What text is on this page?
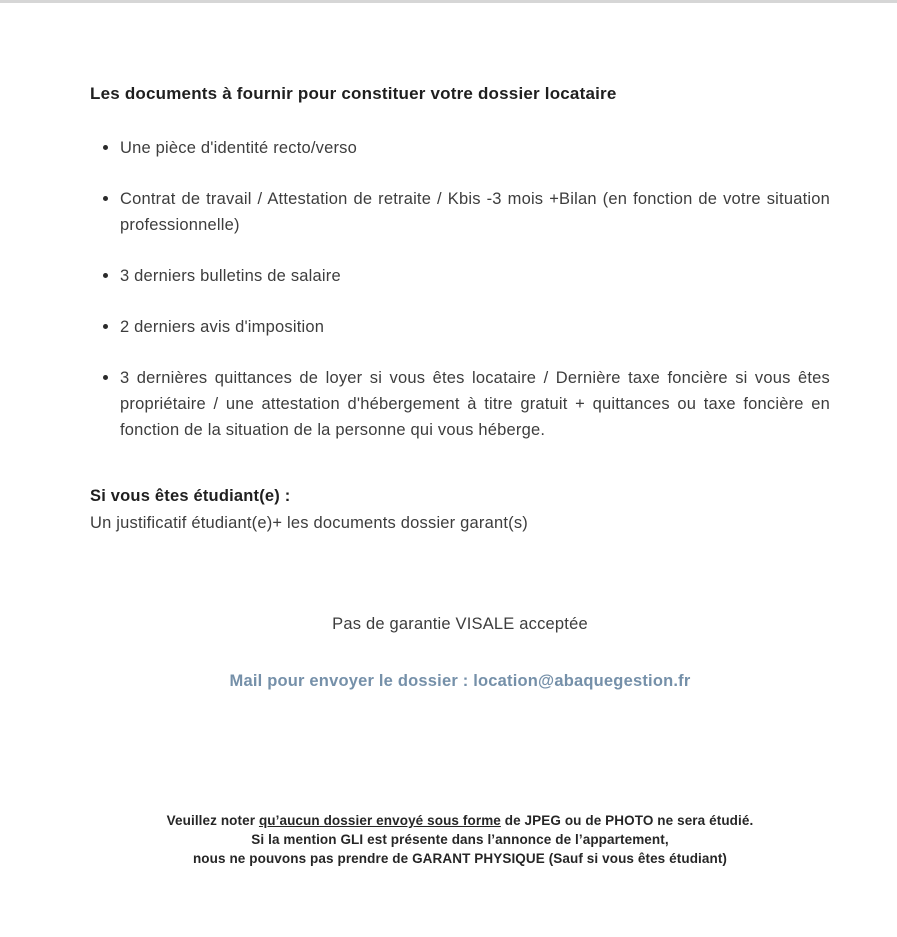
Les documents à fournir pour constituer votre dossier locataire
Une pièce d'identité recto/verso
Contrat de travail / Attestation de retraite / Kbis -3 mois +Bilan (en fonction de votre situation professionnelle)
3 derniers bulletins de salaire
2 derniers avis d'imposition
3 dernières quittances de loyer si vous êtes locataire / Dernière taxe foncière si vous êtes propriétaire / une attestation d'hébergement à titre gratuit + quittances ou taxe foncière en fonction de la situation de la personne qui vous héberge.
Si vous êtes étudiant(e) :
Un justificatif étudiant(e)+ les documents dossier garant(s)
Pas de garantie VISALE acceptée
Mail pour envoyer le dossier : location@abaquegestion.fr
Veuillez noter qu’aucun dossier envoyé sous forme de JPEG ou de PHOTO ne sera étudié.
Si la mention GLI est présente dans l’annonce de l’appartement,
nous ne pouvons pas prendre de GARANT PHYSIQUE (Sauf si vous êtes étudiant)
